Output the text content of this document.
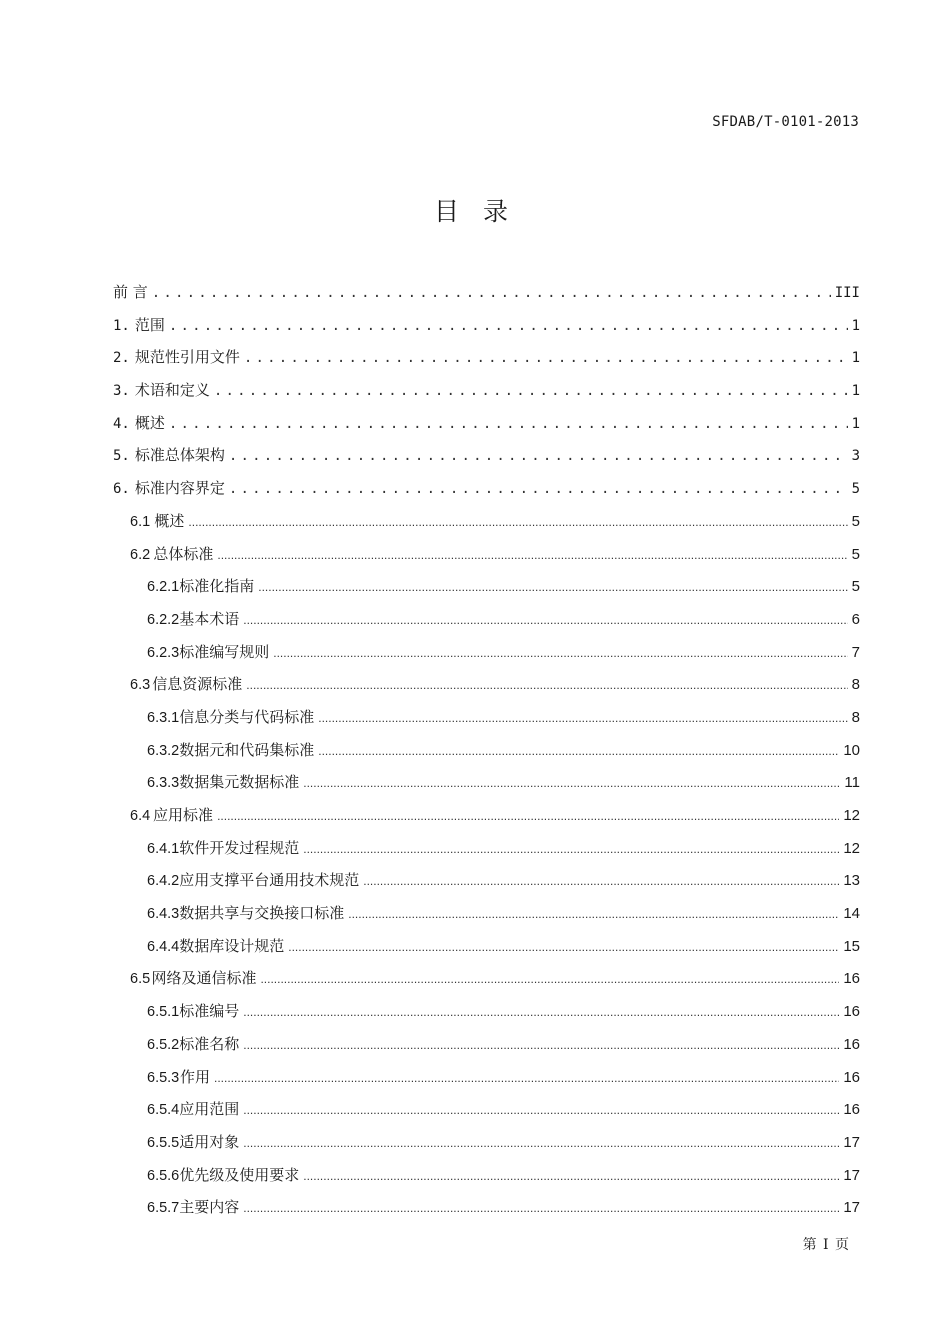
SFDAB/T-0101-2013
目 录
前 言 .....	III
1. 范围 .....	1
2. 规范性引用文件 .....	1
3. 术语和定义 .....	1
4. 概述 .....	1
5. 标准总体架构 .....	3
6. 标准内容界定 .....	5
6.1 概述 .....	5
6.2 总体标准 .....	5
6.2.1 标准化指南 .....	5
6.2.2 基本术语 .....	6
6.2.3 标准编写规则 .....	7
6.3 信息资源标准 .....	8
6.3.1 信息分类与代码标准 .....	8
6.3.2 数据元和代码集标准 .....	10
6.3.3 数据集元数据标准 .....	11
6.4 应用标准 .....	12
6.4.1 软件开发过程规范 .....	12
6.4.2 应用支撑平台通用技术规范 .....	13
6.4.3 数据共享与交换接口标准 .....	14
6.4.4 数据库设计规范 .....	15
6.5 网络及通信标准 .....	16
6.5.1 标准编号 .....	16
6.5.2 标准名称 .....	16
6.5.3 作用 .....	16
6.5.4 应用范围 .....	16
6.5.5 适用对象 .....	17
6.5.6 优先级及使用要求 .....	17
6.5.7 主要内容 .....	17
第 I 页
